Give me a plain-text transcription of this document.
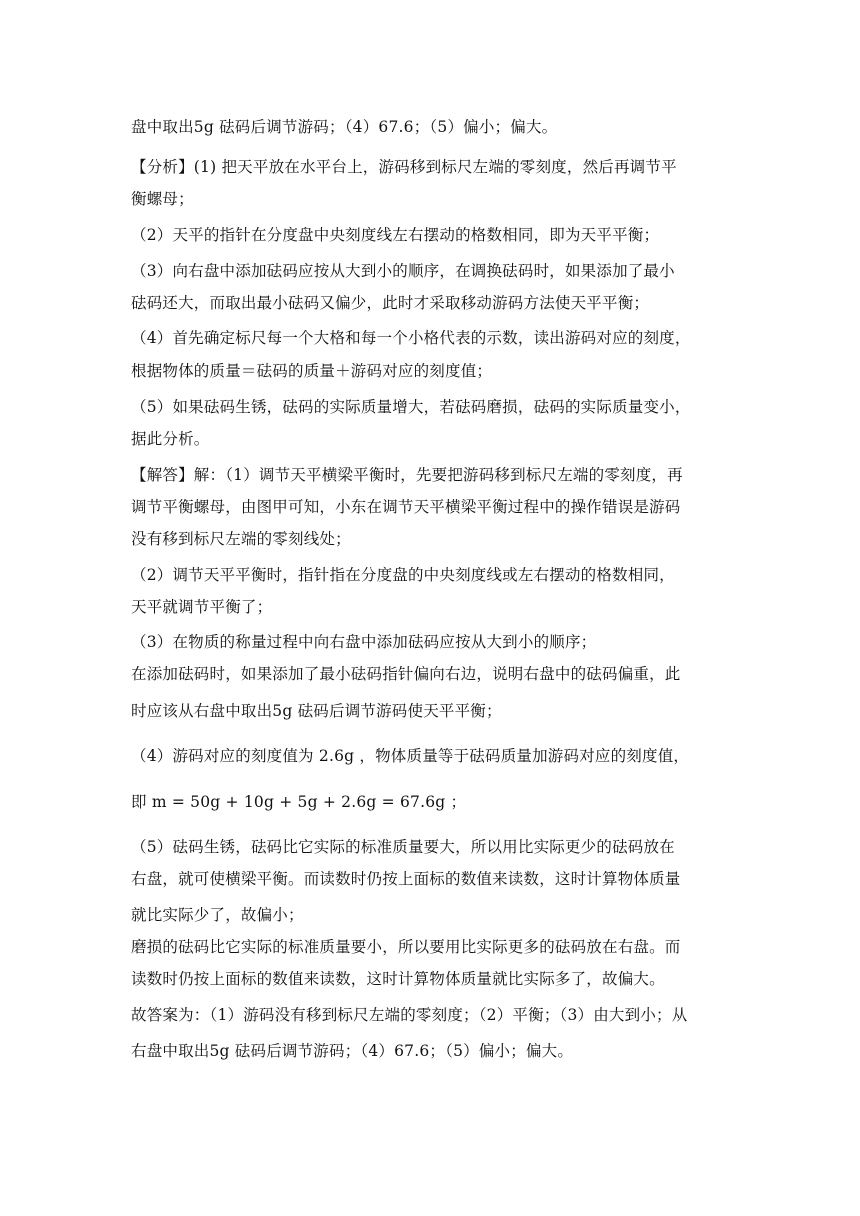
盘中取出5g 砝码后调节游码；（4）67.6；（5）偏小；偏大。
【分析】(1) 把天平放在水平台上，游码移到标尺左端的零刻度，然后再调节平
衡螺母；
（2）天平的指针在分度盘中央刻度线左右摆动的格数相同，即为天平平衡；
（3）向右盘中添加砝码应按从大到小的顺序，在调换砝码时，如果添加了最小
砝码还大，而取出最小砝码又偏少，此时才采取移动游码方法使天平平衡；
（4）首先确定标尺每一个大格和每一个小格代表的示数，读出游码对应的刻度，
根据物体的质量＝砝码的质量＋游码对应的刻度值；
（5）如果砝码生锈，砝码的实际质量增大，若砝码磨损，砝码的实际质量变小，
据此分析。
【解答】解：（1）调节天平横梁平衡时，先要把游码移到标尺左端的零刻度，再
调节平衡螺母，由图甲可知，小东在调节天平横梁平衡过程中的操作错误是游码
没有移到标尺左端的零刻线处；
（2）调节天平平衡时，指针指在分度盘的中央刻度线或左右摆动的格数相同，
天平就调节平衡了；
（3）在物质的称量过程中向右盘中添加砝码应按从大到小的顺序；
在添加砝码时，如果添加了最小砝码指针偏向右边，说明右盘中的砝码偏重，此
时应该从右盘中取出5g 砝码后调节游码使天平平衡；
（4）游码对应的刻度值为 2.6g ，物体质量等于砝码质量加游码对应的刻度值，
即 m = 50g + 10g + 5g + 2.6g = 67.6g ；
（5）砝码生锈，砝码比它实际的标准质量要大，所以用比实际更少的砝码放在
右盘，就可使横梁平衡。而读数时仍按上面标的数值来读数，这时计算物体质量
就比实际少了，故偏小；
磨损的砝码比它实际的标准质量要小，所以要用比实际更多的砝码放在右盘。而
读数时仍按上面标的数值来读数，这时计算物体质量就比实际多了，故偏大。
故答案为：（1）游码没有移到标尺左端的零刻度；（2）平衡；（3）由大到小；从
右盘中取出5g 砝码后调节游码；（4）67.6；（5）偏小；偏大。
